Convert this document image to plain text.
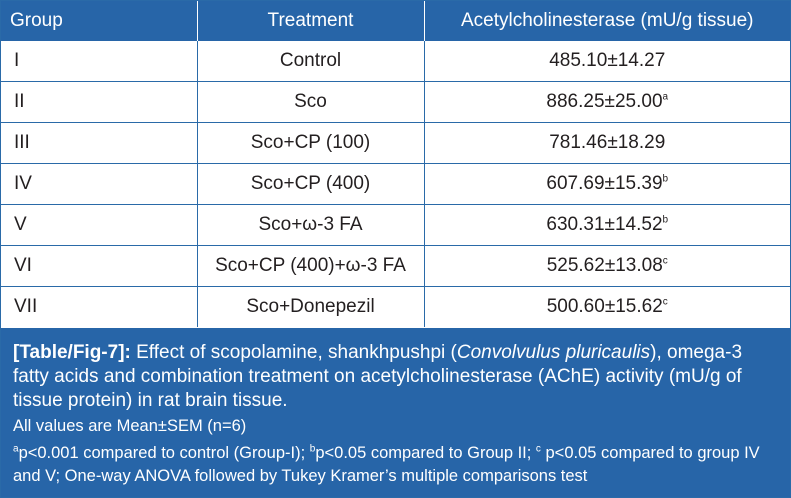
Group	Treatment	Acetylcholinesterase (mU/g tissue)
I	Control	485.10±14.27
II	Sco	886.25±25.00$^a$
III	Sco+CP (100)	781.46±18.29
IV	Sco+CP (400)	607.69±15.39$^b$
V	Sco+ω-3 FA	630.31±14.52$^b$
VI	Sco+CP (400)+ω-3 FA	525.62±13.08$^c$
VII	Sco+Donepezil	500.60±15.62$^c$
[Table/Fig-7]: Effect of scopolamine, shankhpushpi (Convolvulus pluricaulis), omega-3 fatty acids and combination treatment on acetylcholinesterase (AChE) activity (mU/g of tissue protein) in rat brain tissue.
All values are Mean±SEM (n=6)
$^a$p<0.001 compared to control (Group-I); $^b$p<0.05 compared to Group II; $^c$ p<0.05 compared to group IV and V; One-way ANOVA followed by Tukey Kramer’s multiple comparisons test
